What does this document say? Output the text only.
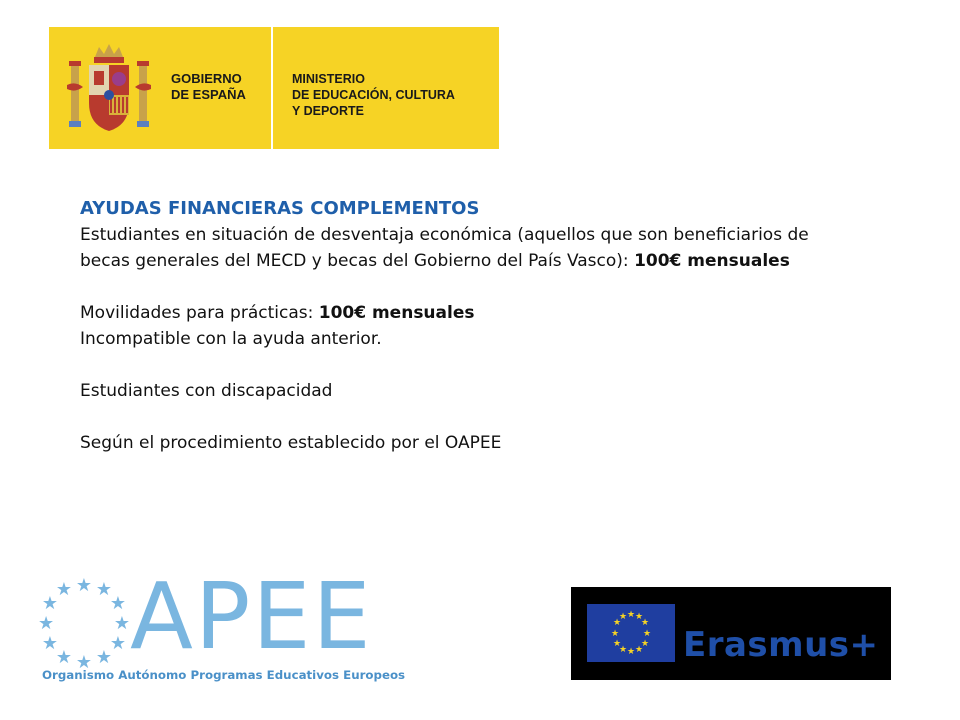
GOBIERNO
DE ESPAÑA
MINISTERIO
DE EDUCACIÓN, CULTURA
Y DEPORTE

AYUDAS FINANCIERAS COMPLEMENTOS

Estudiantes en situación de desventaja económica (aquellos que son beneficiarios de becas generales del MECD y becas del Gobierno del País Vasco): 100€ mensuales

Movilidades para prácticas: 100€ mensuales

Incompatible con la ayuda anterior.

Estudiantes con discapacidad

Según el procedimiento establecido por el OAPEE

★ ★
★
★
★
★
★
★
★
★
★
★ APEE
Organismo Autónomo Programas Educativos Europeos
★ ★
★
★
★
★
★
★
★
★
★
★
Erasmus+
